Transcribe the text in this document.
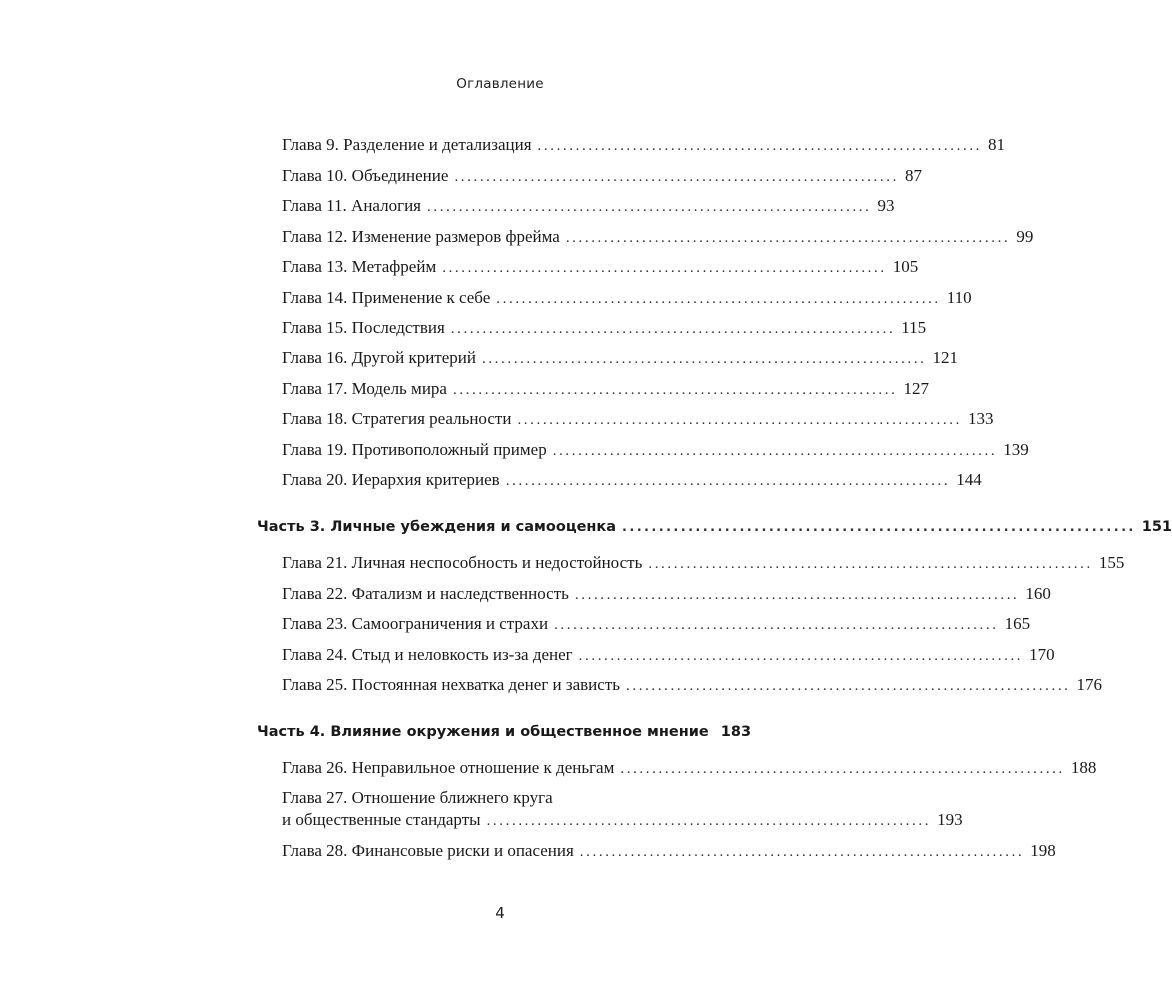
Оглавление
Глава 9. Разделение и детализация ...................................................................... 81
Глава 10. Объединение ...................................................................... 87
Глава 11. Аналогия ...................................................................... 93
Глава 12. Изменение размеров фрейма ...................................................................... 99
Глава 13. Метафрейм ...................................................................... 105
Глава 14. Применение к себе ...................................................................... 110
Глава 15. Последствия ...................................................................... 115
Глава 16. Другой критерий ...................................................................... 121
Глава 17. Модель мира ...................................................................... 127
Глава 18. Стратегия реальности ...................................................................... 133
Глава 19. Противоположный пример ...................................................................... 139
Глава 20. Иерархия критериев ...................................................................... 144
Часть 3. Личные убеждения и самооценка ...................................................................... 151
Глава 21. Личная неспособность и недостойность ...................................................................... 155
Глава 22. Фатализм и наследственность ...................................................................... 160
Глава 23. Самоограничения и страхи ...................................................................... 165
Глава 24. Стыд и неловкость из-за денег ...................................................................... 170
Глава 25. Постоянная нехватка денег и зависть ...................................................................... 176
Часть 4. Влияние окружения и общественное мнение 183
Глава 26. Неправильное отношение к деньгам ...................................................................... 188
Глава 27. Отношение ближнего круга
и общественные стандарты ...................................................................... 193
Глава 28. Финансовые риски и опасения ...................................................................... 198
4
